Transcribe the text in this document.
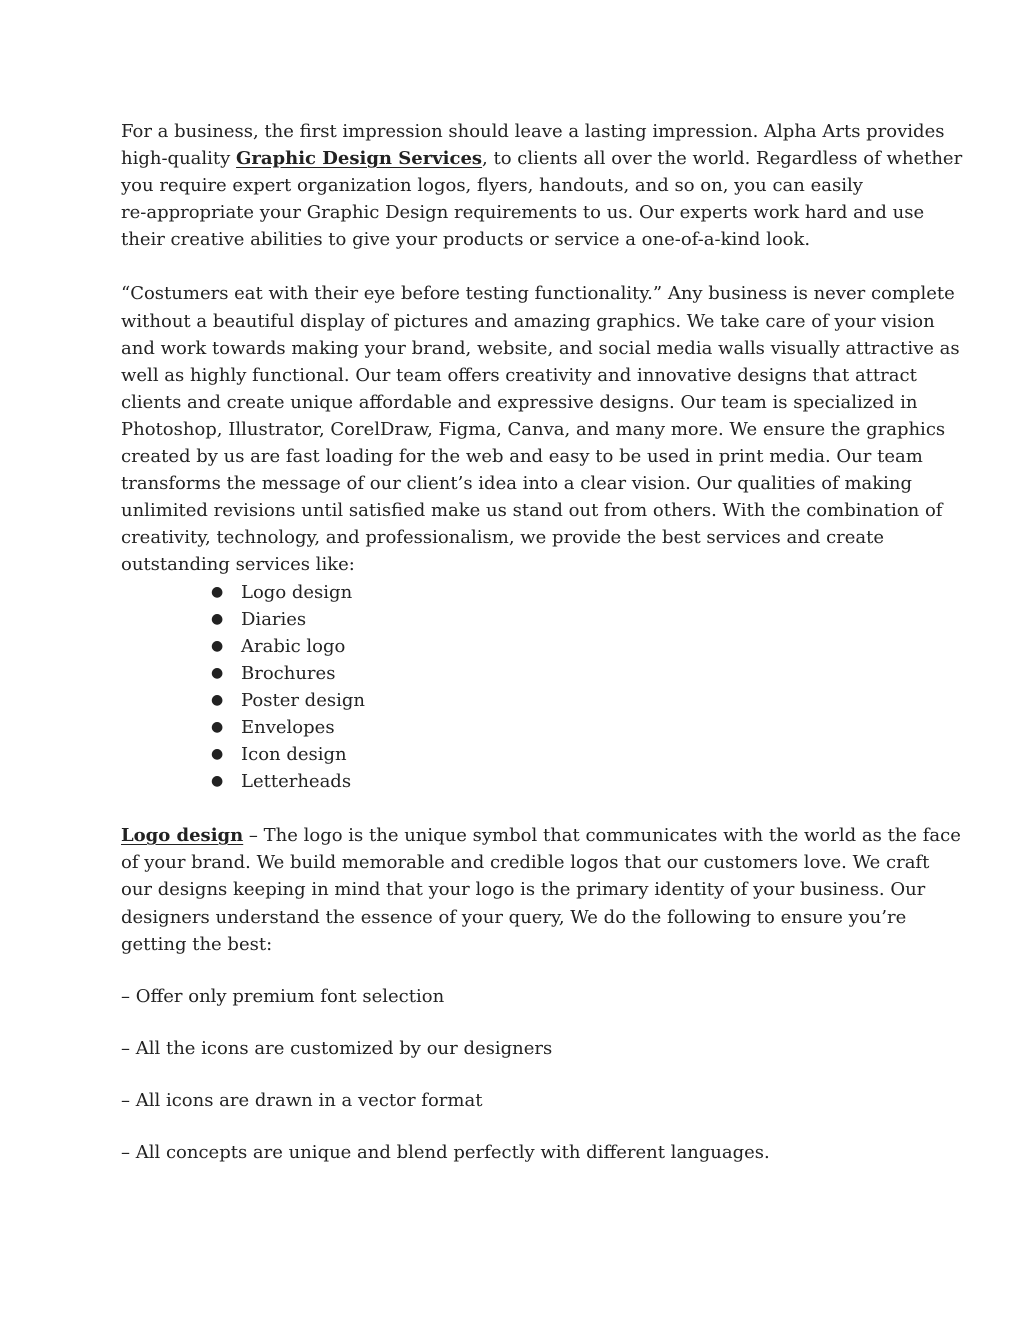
For a business, the first impression should leave a lasting impression. Alpha Arts provides
high-quality Graphic Design Services, to clients all over the world. Regardless of whether
you require expert organization logos, flyers, handouts, and so on, you can easily
re-appropriate your Graphic Design requirements to us. Our experts work hard and use
their creative abilities to give your products or service a one-of-a-kind look.
“Costumers eat with their eye before testing functionality.” Any business is never complete
without a beautiful display of pictures and amazing graphics. We take care of your vision
and work towards making your brand, website, and social media walls visually attractive as
well as highly functional. Our team offers creativity and innovative designs that attract
clients and create unique affordable and expressive designs. Our team is specialized in
Photoshop, Illustrator, CorelDraw, Figma, Canva, and many more. We ensure the graphics
created by us are fast loading for the web and easy to be used in print media. Our team
transforms the message of our client’s idea into a clear vision. Our qualities of making
unlimited revisions until satisfied make us stand out from others. With the combination of
creativity, technology, and professionalism, we provide the best services and create
outstanding services like:
● Logo design
● Diaries
● Arabic logo
● Brochures
● Poster design
● Envelopes
● Icon design
● Letterheads
Logo design – The logo is the unique symbol that communicates with the world as the face
of your brand. We build memorable and credible logos that our customers love. We craft
our designs keeping in mind that your logo is the primary identity of your business. Our
designers understand the essence of your query, We do the following to ensure you’re
getting the best:
– Offer only premium font selection
– All the icons are customized by our designers
– All icons are drawn in a vector format
– All concepts are unique and blend perfectly with different languages.
